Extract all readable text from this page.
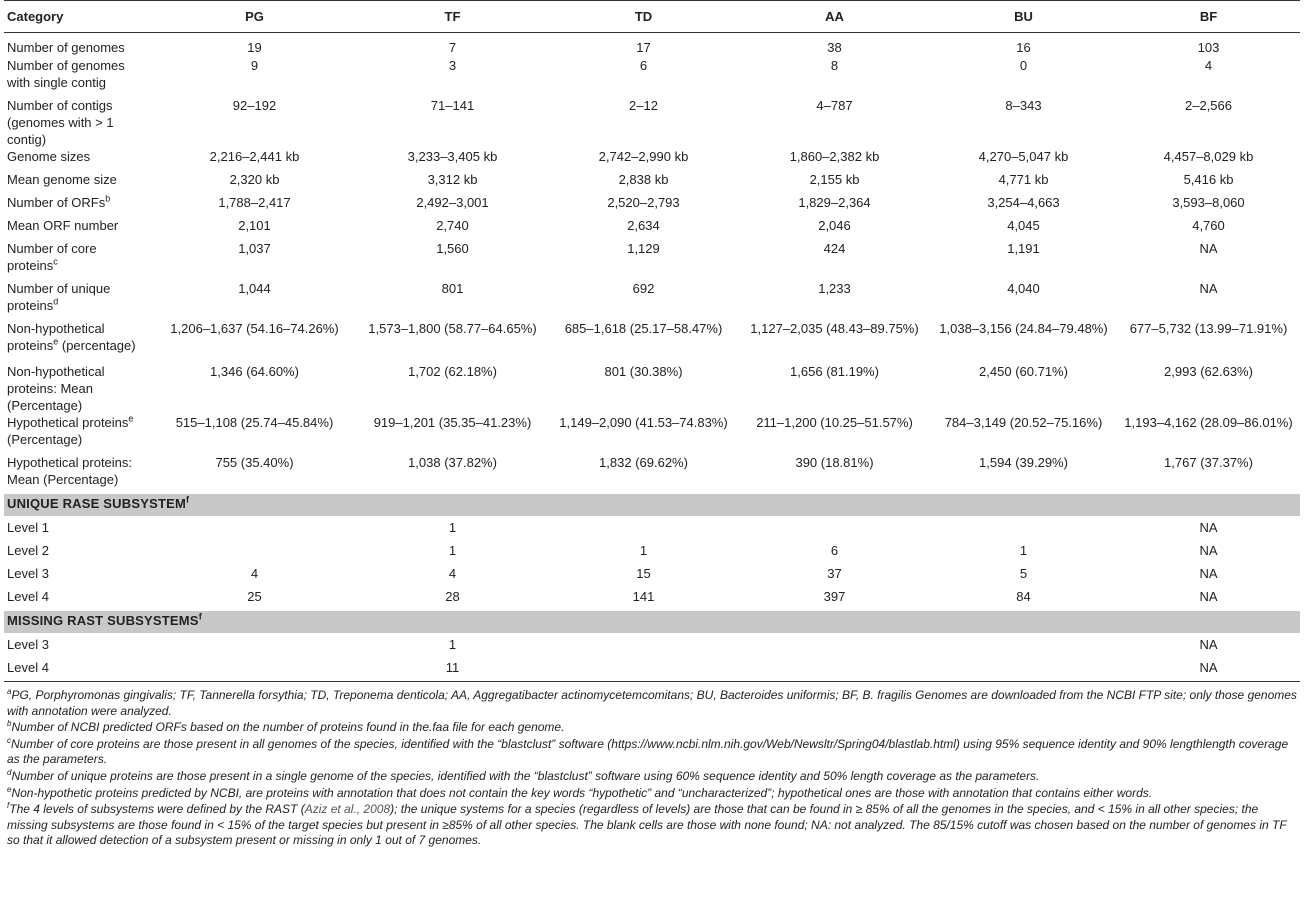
Category	PG	TF	TD	AA	BU	BF
Number of genomes	19	7	17	38	16	103
Number of genomes
with single contig	9	3	6	8	0	4
Number of contigs
(genomes with > 1 contig)	92–192	71–141	2–12	4–787	8–343	2–2,566
Genome sizes	2,216–2,441 kb	3,233–3,405 kb	2,742–2,990 kb	1,860–2,382 kb	4,270–5,047 kb	4,457–8,029 kb
Mean genome size	2,320 kb	3,312 kb	2,838 kb	2,155 kb	4,771 kb	5,416 kb
Number of ORFs$^b$	1,788–2,417	2,492–3,001	2,520–2,793	1,829–2,364	3,254–4,663	3,593–8,060
Mean ORF number	2,101	2,740	2,634	2,046	4,045	4,760
Number of core
proteins$^c$	1,037	1,560	1,129	424	1,191	NA
Number of unique
proteins$^d$	1,044	801	692	1,233	4,040	NA
Non-hypothetical
proteins$^e$ (percentage)	1,206–1,637 (54.16–74.26%)	1,573–1,800 (58.77–64.65%)	685–1,618 (25.17–58.47%)	1,127–2,035 (48.43–89.75%)	1,038–3,156 (24.84–79.48%)	677–5,732 (13.99–71.91%)
Non-hypothetical
proteins: Mean
(Percentage)	1,346 (64.60%)	1,702 (62.18%)	801 (30.38%)	1,656 (81.19%)	2,450 (60.71%)	2,993 (62.63%)
Hypothetical proteins$^e$
(Percentage)	515–1,108 (25.74–45.84%)	919–1,201 (35.35–41.23%)	1,149–2,090 (41.53–74.83%)	211–1,200 (10.25–51.57%)	784–3,149 (20.52–75.16%)	1,193–4,162 (28.09–86.01%)
Hypothetical proteins:
Mean (Percentage)	755 (35.40%)	1,038 (37.82%)	1,832 (69.62%)	390 (18.81%)	1,594 (39.29%)	1,767 (37.37%)
UNIQUE RASE SUBSYSTEM$^f$
Level 1		1				NA
Level 2		1	1	6	1	NA
Level 3	4	4	15	37	5	NA
Level 4	25	28	141	397	84	NA
MISSING RAST SUBSYSTEMS$^f$
Level 3		1				NA
Level 4		11				NA

$^a$PG, Porphyromonas gingivalis; TF, Tannerella forsythia; TD, Treponema denticola; AA, Aggregatibacter actinomycetemcomitans; BU, Bacteroides uniformis; BF, B. fragilis Genomes are downloaded from the NCBI FTP site; only those genomes with annotation were analyzed.

$^b$Number of NCBI predicted ORFs based on the number of proteins found in the.faa file for each genome.

$^c$Number of core proteins are those present in all genomes of the species, identified with the “blastclust” software (https://www.ncbi.nlm.nih.gov/Web/Newsltr/Spring04/blastlab.html) using 95% sequence identity and 90% lengthlength coverage as the parameters.

$^d$Number of unique proteins are those present in a single genome of the species, identified with the “blastclust” software using 60% sequence identity and 50% length coverage as the parameters.

$^e$Non-hypothetic proteins predicted by NCBI, are proteins with annotation that does not contain the key words “hypothetic” and “uncharacterized”; hypothetical ones are those with annotation that contains either words.

$^f$The 4 levels of subsystems were defined by the RAST (Aziz et al., 2008); the unique systems for a species (regardless of levels) are those that can be found in ≥ 85% of all the genomes in the species, and < 15% in all other species; the missing subsystems are those found in < 15% of the target species but present in ≥85% of all other species. The blank cells are those with none found; NA: not analyzed. The 85/15% cutoff was chosen based on the number of genomes in TF so that it allowed detection of a subsystem present or missing in only 1 out of 7 genomes.
